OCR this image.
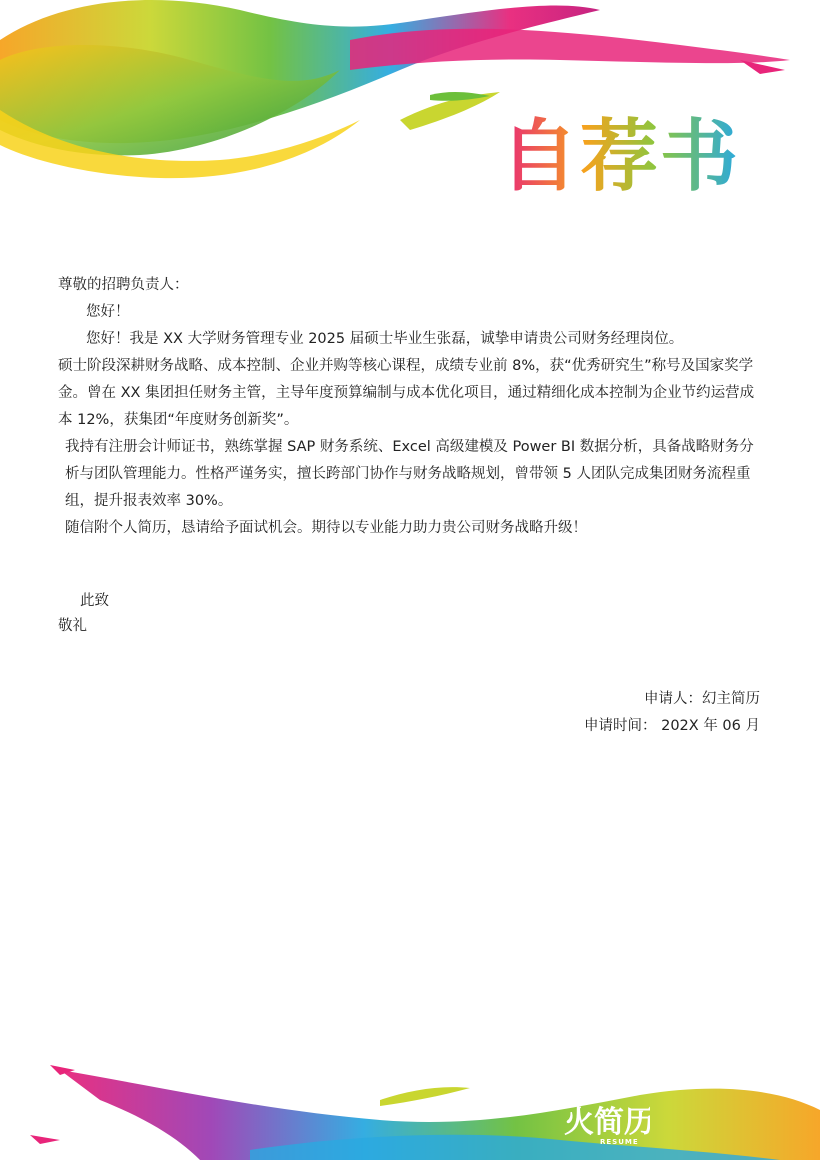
自荐书

尊敬的招聘负责人：

您好！

您好！我是 XX 大学财务管理专业 2025 届硕士毕业生张磊，诚挚申请贵公司财务经理岗位。

硕士阶段深耕财务战略、成本控制、企业并购等核心课程，成绩专业前 8%，获“优秀研究生”称号及国家奖学金。曾在 XX 集团担任财务主管，主导年度预算编制与成本优化项目，通过精细化成本控制为企业节约运营成本 12%，获集团“年度财务创新奖”。

我持有注册会计师证书，熟练掌握 SAP 财务系统、Excel 高级建模及 Power BI 数据分析，具备战略财务分析与团队管理能力。性格严谨务实，擅长跨部门协作与财务战略规划，曾带领 5 人团队完成集团财务流程重组，提升报表效率 30%。

随信附个人简历，恳请给予面试机会。期待以专业能力助力贵公司财务战略升级！

此致
敬礼
申请人：幻主简历
申请时间： 202X 年 06 月
火简历
RESUME
